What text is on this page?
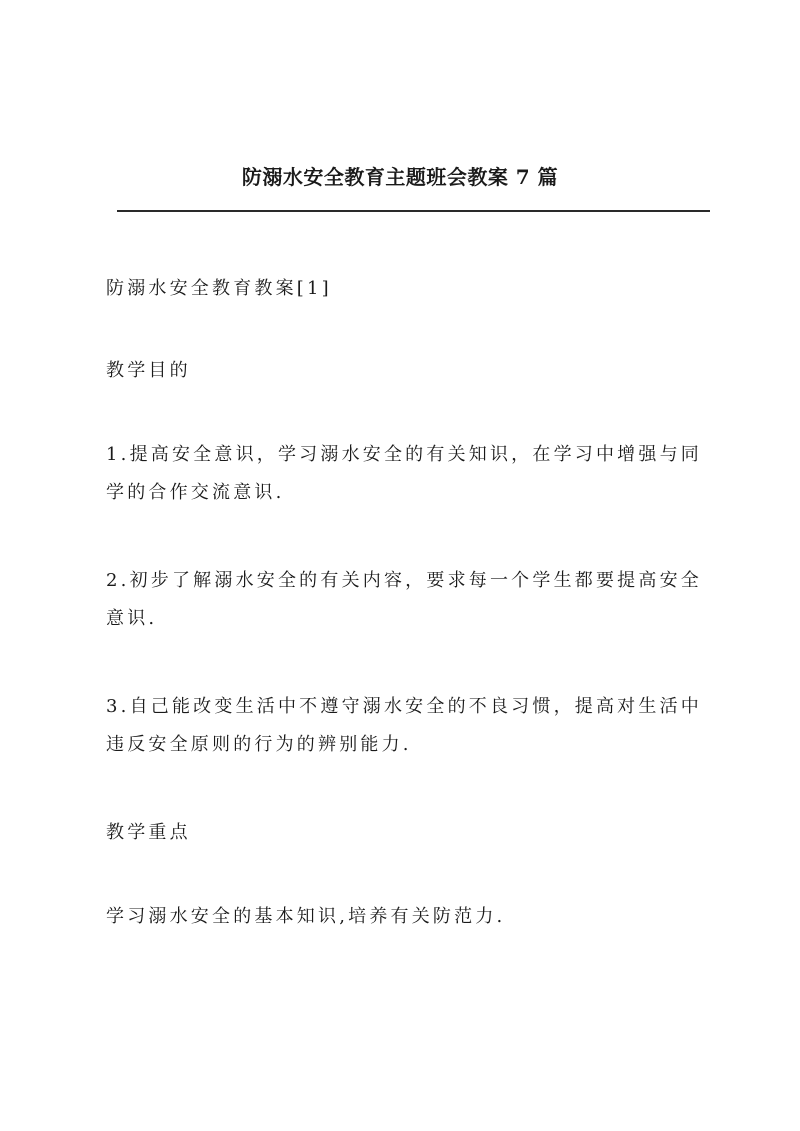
防溺水安全教育主题班会教案 7 篇

防溺水安全教育教案[1]

教学目的

1.提高安全意识，学习溺水安全的有关知识，在学习中增强与同学的合作交流意识.

2.初步了解溺水安全的有关内容，要求每一个学生都要提高安全意识.

3.自己能改变生活中不遵守溺水安全的不良习惯，提高对生活中违反安全原则的行为的辨别能力.

教学重点

学习溺水安全的基本知识,培养有关防范力.
